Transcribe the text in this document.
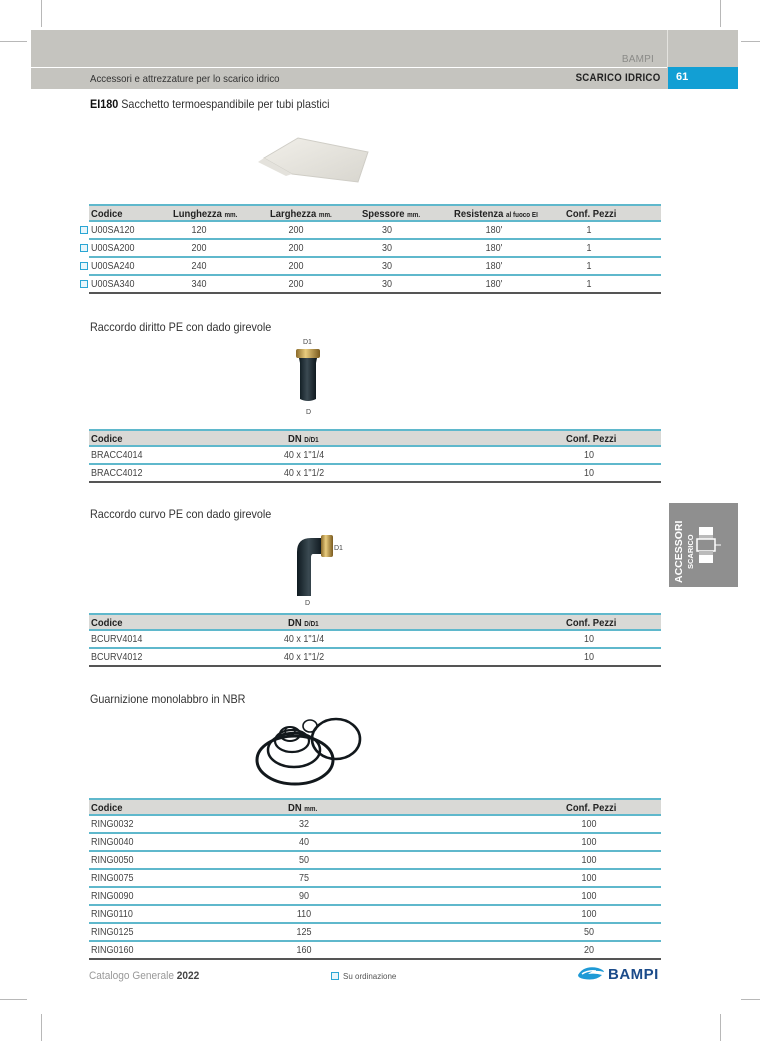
BAMPI
Accessori e attrezzature per lo scarico idrico	SCARICO IDRICO	61
ACCESSORI SCARICO
EI180 Sacchetto termoespandibile per tubi plastici
Codice	Lunghezza mm.	Larghezza mm.	Spessore mm.	Resistenza al fuoco EI	Conf. Pezzi
U00SA120	120	200	30	180'	1
U00SA200	200	200	30	180'	1
U00SA240	240	200	30	180'	1
U00SA340	340	200	30	180'	1
Raccordo diritto PE con dado girevole
D1
D
Codice	DN D/D1	Conf. Pezzi
BRACC4014	40 x 1"1/4	10
BRACC4012	40 x 1"1/2	10
Raccordo curvo PE con dado girevole
D1
D
Codice	DN D/D1	Conf. Pezzi
BCURV4014	40 x 1"1/4	10
BCURV4012	40 x 1"1/2	10
Guarnizione monolabbro in NBR
Codice	DN mm.	Conf. Pezzi
RING0032	32	100
RING0040	40	100
RING0050	50	100
RING0075	75	100
RING0090	90	100
RING0110	110	100
RING0125	125	50
RING0160	160	20
Catalogo Generale 2022	Su ordinazione	BAMPI
